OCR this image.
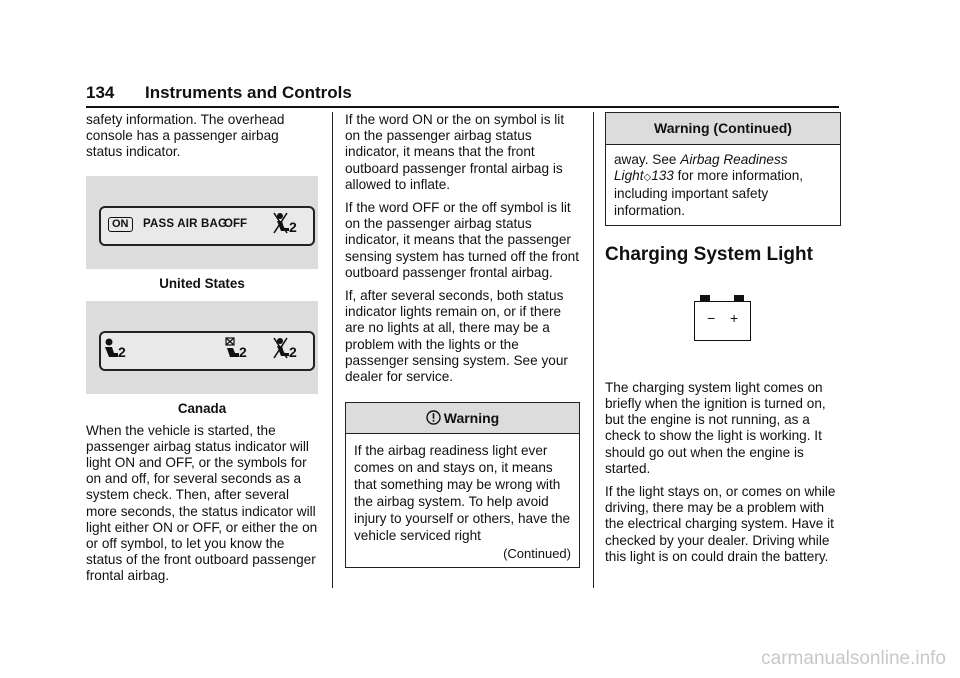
134 Instruments and Controls

safety information. The overhead console has a passenger airbag status indicator.

ON	PASS AIR BAG
OFF	2
United States
2	2	2
Canada

When the vehicle is started, the passenger airbag status indicator will light ON and OFF, or the symbols for on and off, for several seconds as a system check. Then, after several more seconds, the status indicator will light either ON or OFF, or either the on or off symbol, to let you know the status of the front outboard passenger frontal airbag.

If the word ON or the on symbol is lit on the passenger airbag status indicator, it means that the front outboard passenger frontal airbag is allowed to inflate.

If the word OFF or the off symbol is lit on the passenger airbag status indicator, it means that the passenger sensing system has turned off the front outboard passenger frontal airbag.

If, after several seconds, both status indicator lights remain on, or if there are no lights at all, there may be a problem with the lights or the passenger sensing system. See your dealer for service.

Warning

If the airbag readiness light ever comes on and stays on, it means that something may be wrong with the airbag system. To help avoid injury to yourself or others, have the vehicle serviced right

(Continued)
Warning (Continued)

away. See Airbag Readiness Light◇133 for more information, including important safety information.

Charging System Light
− +

The charging system light comes on briefly when the ignition is turned on, but the engine is not running, as a check to show the light is working. It should go out when the engine is started.

If the light stays on, or comes on while driving, there may be a problem with the electrical charging system. Have it checked by your dealer. Driving while this light is on could drain the battery.

carmanualsonline.info
